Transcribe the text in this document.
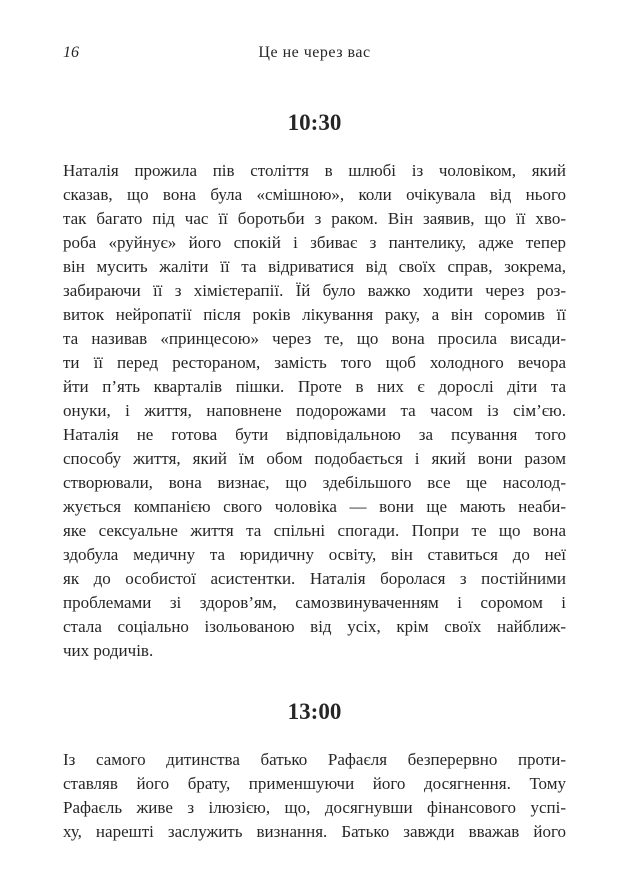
16	Це не через вас
10:30
Наталія прожила пів століття в шлюбі із чоловіком, який
сказав, що вона була «смішною», коли очікувала від нього
так багато під час її боротьби з раком. Він заявив, що її хво-
роба «руйнує» його спокій і збиває з пантелику, адже тепер
він мусить жаліти її та відриватися від своїх справ, зокрема,
забираючи її з хімієтерапії. Їй було важко ходити через роз-
виток нейропатії після років лікування раку, а він соромив її
та називав «принцесою» через те, що вона просила висади-
ти її перед рестораном, замість того щоб холодного вечора
йти п’ять кварталів пішки. Проте в них є дорослі діти та
онуки, і життя, наповнене подорожами та часом із сім’єю.
Наталія не готова бути відповідальною за псування того
способу життя, який їм обом подобається і який вони разом
створювали, вона визнає, що здебільшого все ще насолод-
жується компанією свого чоловіка — вони ще мають неаби-
яке сексуальне життя та спільні спогади. Попри те що вона
здобула медичну та юридичну освіту, він ставиться до неї
як до особистої асистентки. Наталія боролася з постійними
проблемами зі здоров’ям, самозвинуваченням і соромом і
стала соціально ізольованою від усіх, крім своїх найближ-
чих родичів.
13:00
Із самого дитинства батько Рафаєля безперервно проти-
ставляв його брату, применшуючи його досягнення. Тому
Рафаєль живе з ілюзією, що, досягнувши фінансового успі-
ху, нарешті заслужить визнання. Батько завжди вважав його
